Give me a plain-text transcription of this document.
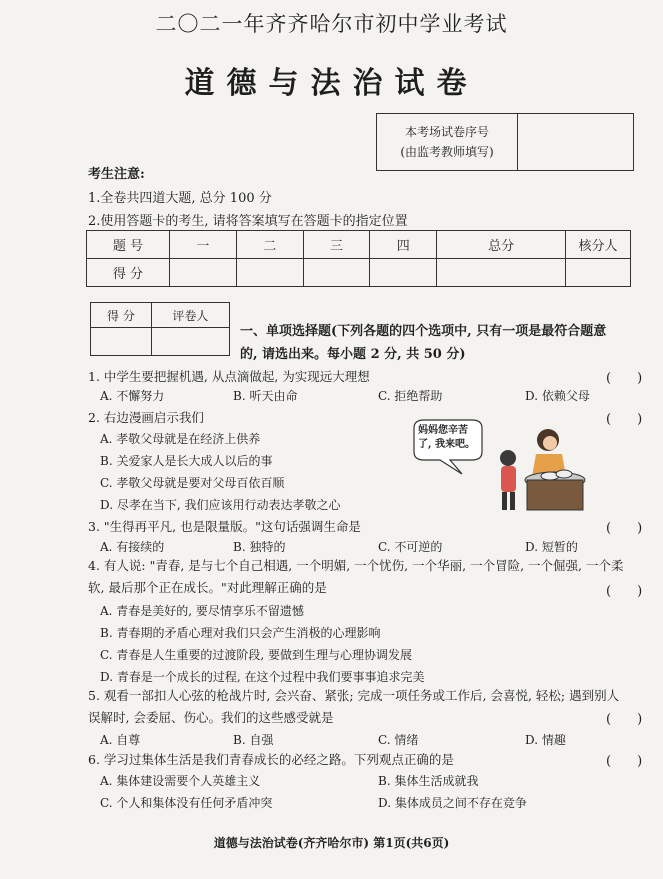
二〇二一年齐齐哈尔市初中学业考试
道德与法治试卷
本考场试卷序号
(由监考教师填写)
考生注意:
1.全卷共四道大题, 总分 100 分
2.使用答题卡的考生, 请将答案填写在答题卡的指定位置
题 号	一	二	三	四	总分	核分人
得 分						
得 分	评卷人

一、单项选择题(下列各题的四个选项中, 只有一项是最符合题意
的, 请选出来。每小题 2 分, 共 50 分)
1. 中学生要把握机遇, 从点滴做起, 为实现远大理想	(　　)
A. 不懈努力	B. 听天由命	C. 拒绝帮助	D. 依赖父母
2. 右边漫画启示我们	(　　)
A. 孝敬父母就是在经济上供养
B. 关爱家人是长大成人以后的事
C. 孝敬父母就是要对父母百依百顺
D. 尽孝在当下, 我们应该用行动表达孝敬之心
妈妈您辛苦了, 我来吧。
3. "生得再平凡, 也是限量版。"这句话强调生命是	(　　)
A. 有接续的	B. 独特的	C. 不可逆的	D. 短暂的
4. 有人说: "青春, 是与七个自己相遇, 一个明媚, 一个忧伤, 一个华丽, 一个冒险, 一个倔强, 一个柔软, 最后那个正在成长。"对此理解正确的是	(　　)
A. 青春是美好的, 要尽情享乐不留遗憾
B. 青春期的矛盾心理对我们只会产生消极的心理影响
C. 青春是人生重要的过渡阶段, 要做到生理与心理协调发展
D. 青春是一个成长的过程, 在这个过程中我们要事事追求完美
5. 观看一部扣人心弦的枪战片时, 会兴奋、紧张; 完成一项任务或工作后, 会喜悦, 轻松; 遇到别人误解时, 会委屈、伤心。我们的这些感受就是	(　　)
A. 自尊	B. 自强	C. 情绪	D. 情趣
6. 学习过集体生活是我们青春成长的必经之路。下列观点正确的是	(　　)
A. 集体建设需要个人英雄主义	B. 集体生活成就我
C. 个人和集体没有任何矛盾冲突	D. 集体成员之间不存在竞争
道德与法治试卷(齐齐哈尔市) 第1页(共6页)
